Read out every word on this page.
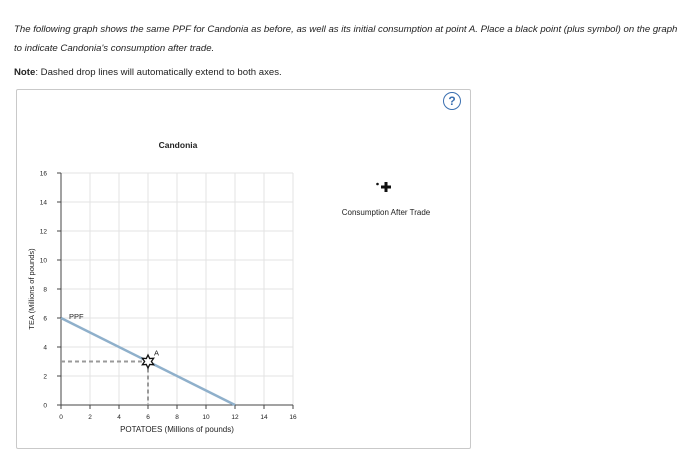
The following graph shows the same PPF for Candonia as before, as well as its initial consumption at point A. Place a black point (plus symbol) on the graph to indicate Candonia's consumption after trade.
Note: Dashed drop lines will automatically extend to both axes.
?
0	2	4	6	8	10	12	14	16
0
2
4
6
8
10
12
14
16
PPF
A
Candonia
POTATOES (Millions of pounds)
TEA (Millions of pounds)
Consumption After Trade
